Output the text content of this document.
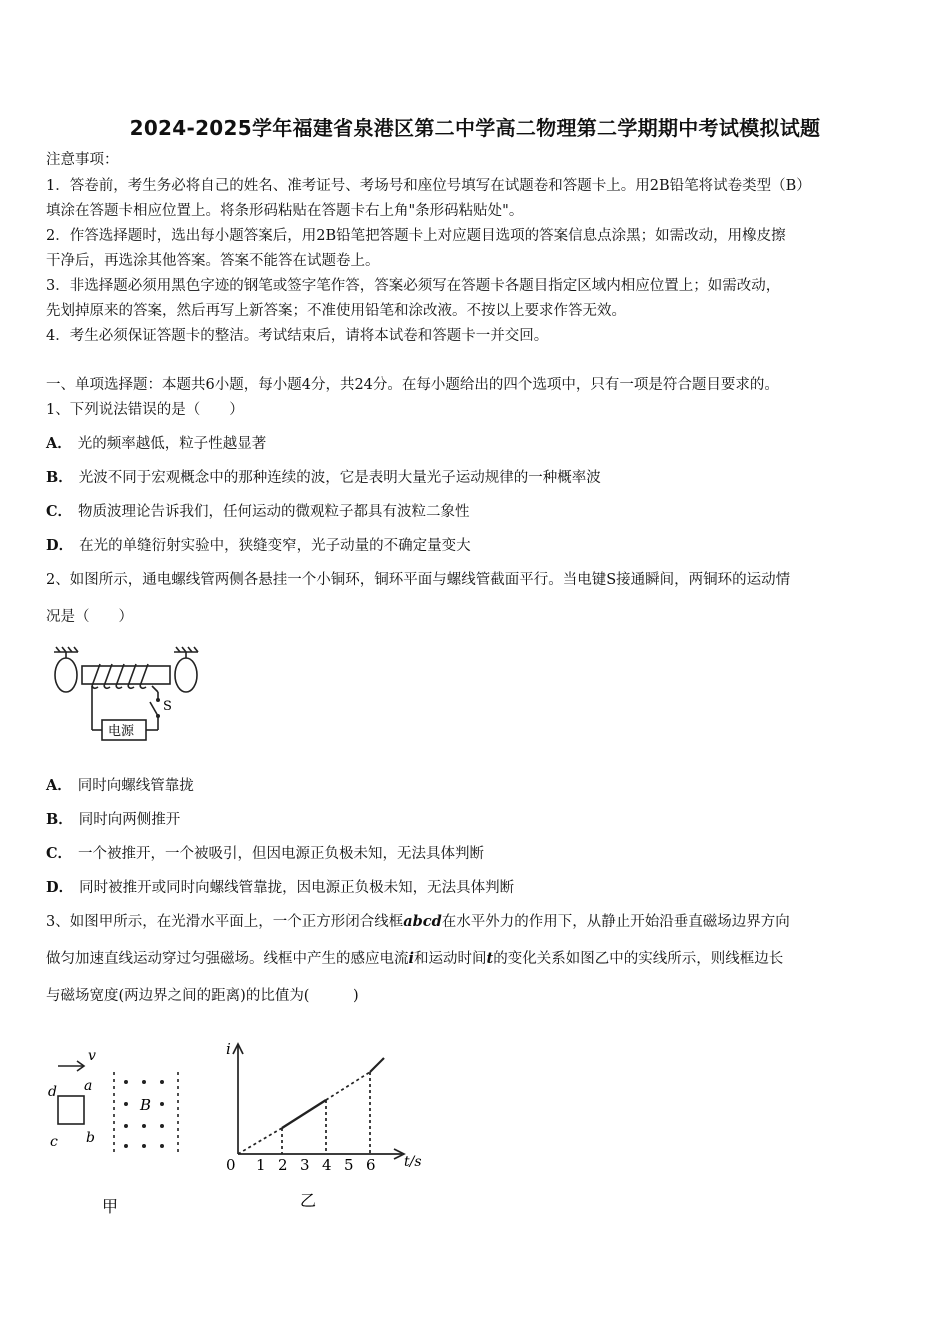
2024-2025学年福建省泉港区第二中学高二物理第二学期期中考试模拟试题
注意事项：
1．答卷前，考生务必将自己的姓名、准考证号、考场号和座位号填写在试题卷和答题卡上。用2B铅笔将试卷类型（B）
填涂在答题卡相应位置上。将条形码粘贴在答题卡右上角"条形码粘贴处"。
2．作答选择题时，选出每小题答案后，用2B铅笔把答题卡上对应题目选项的答案信息点涂黑；如需改动，用橡皮擦
干净后，再选涂其他答案。答案不能答在试题卷上。
3．非选择题必须用黑色字迹的钢笔或签字笔作答，答案必须写在答题卡各题目指定区域内相应位置上；如需改动，
先划掉原来的答案，然后再写上新答案；不准使用铅笔和涂改液。不按以上要求作答无效。
4．考生必须保证答题卡的整洁。考试结束后，请将本试卷和答题卡一并交回。
一、单项选择题：本题共6小题，每小题4分，共24分。在每小题给出的四个选项中，只有一项是符合题目要求的。
1、下列说法错误的是（　　）
A． 光的频率越低，粒子性越显著
B． 光波不同于宏观概念中的那种连续的波，它是表明大量光子运动规律的一种概率波
C． 物质波理论告诉我们，任何运动的微观粒子都具有波粒二象性
D． 在光的单缝衍射实验中，狭缝变窄，光子动量的不确定量变大
2、如图所示，通电螺线管两侧各悬挂一个小铜环，铜环平面与螺线管截面平行。当电键S接通瞬间，两铜环的运动情
况是（　　）
S
电源
A． 同时向螺线管靠拢
B． 同时向两侧推开
C． 一个被推开，一个被吸引，但因电源正负极未知，无法具体判断
D． 同时被推开或同时向螺线管靠拢，因电源正负极未知，无法具体判断
3、如图甲所示，在光滑水平面上，一个正方形闭合线框abcd在水平外力的作用下，从静止开始沿垂直磁场边界方向
做匀加速直线运动穿过匀强磁场。线框中产生的感应电流i和运动时间t的变化关系如图乙中的实线所示，则线框边长
与磁场宽度(两边界之间的距离)的比值为(　　　)
v
a
b
c
d
B
甲
i
0 1 2 3 4 5 6 t/s
乙
